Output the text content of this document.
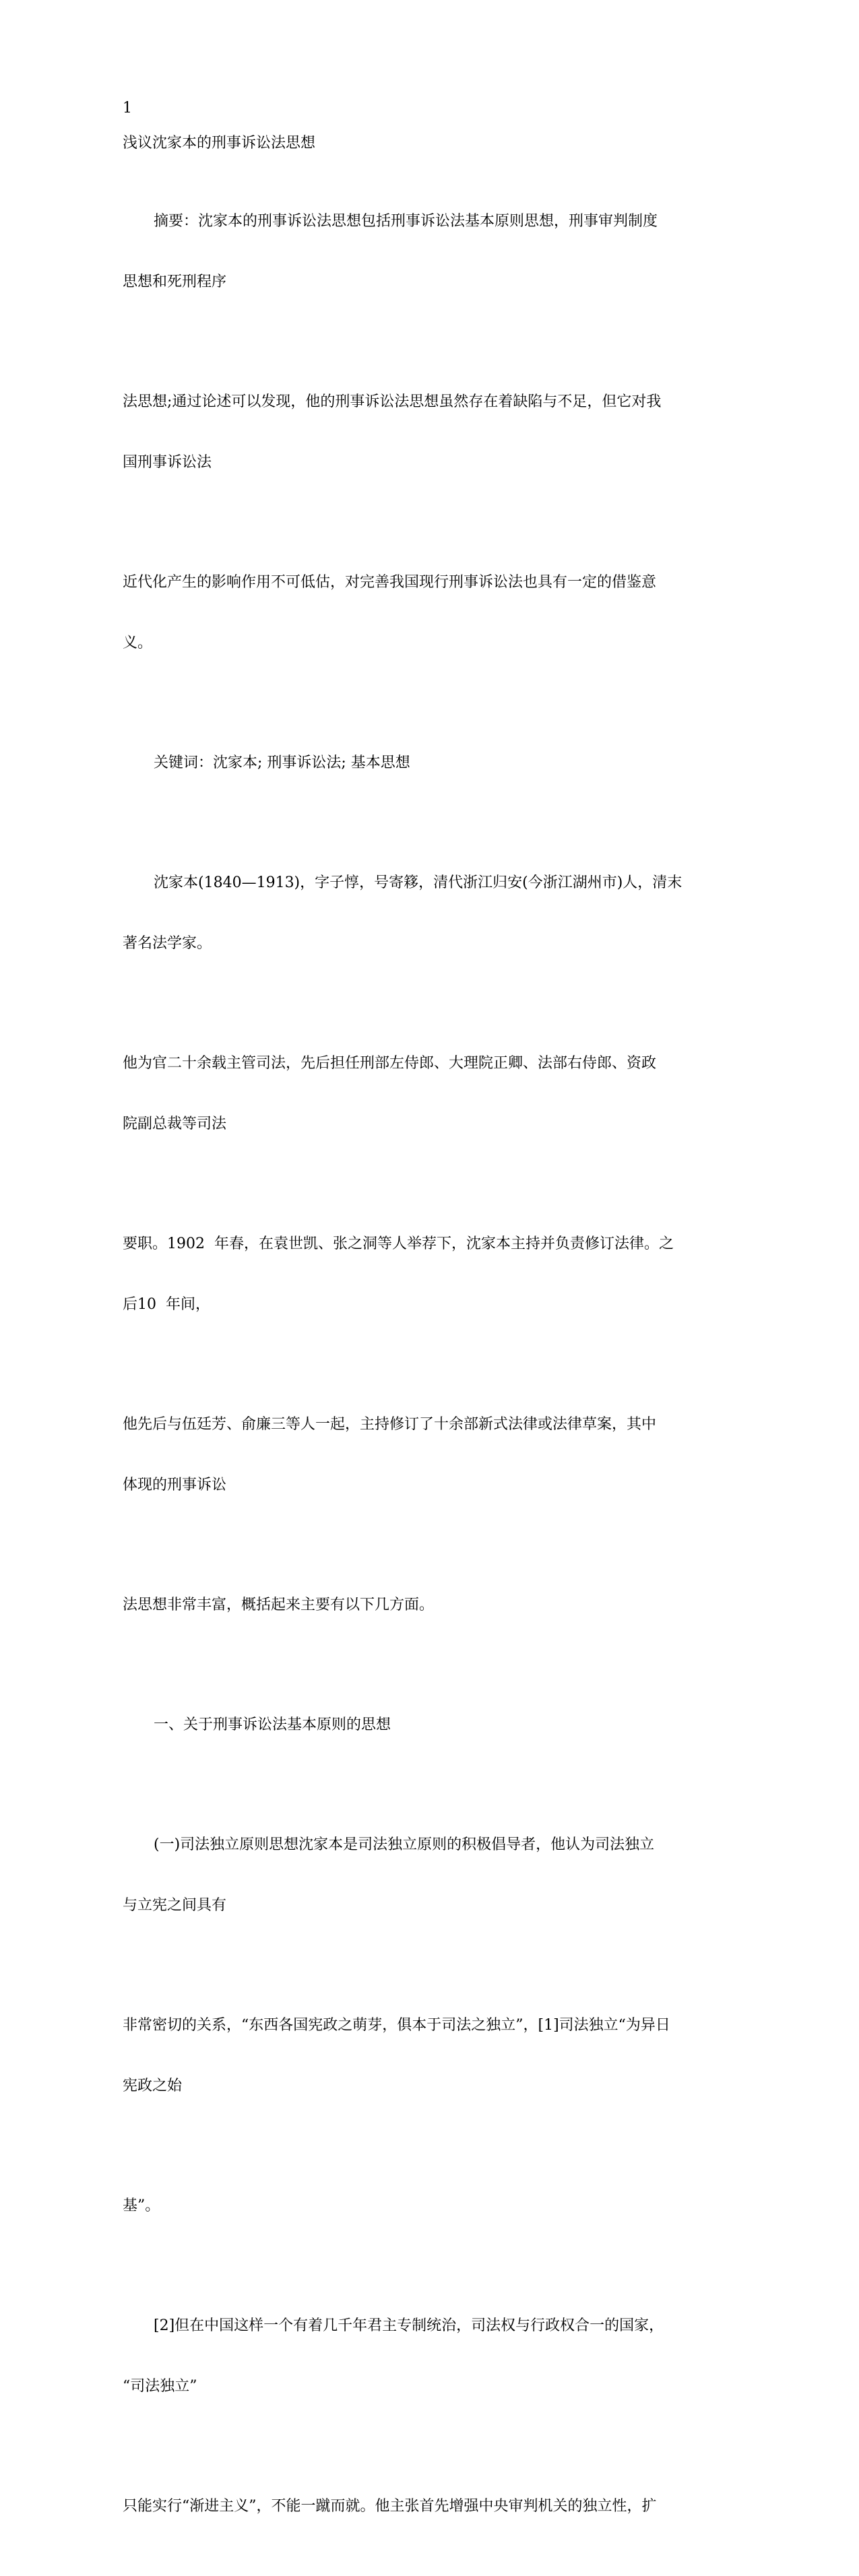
1
浅议沈家本的刑事诉讼法思想

摘要：沈家本的刑事诉讼法思想包括刑事诉讼法基本原则思想，刑事审判制度

思想和死刑程序

法思想;通过论述可以发现，他的刑事诉讼法思想虽然存在着缺陷与不足，但它对我

国刑事诉讼法

近代化产生的影响作用不可低估，对完善我国现行刑事诉讼法也具有一定的借鉴意

义。

关键词：沈家本; 刑事诉讼法; 基本思想

沈家本(1840—1913)，字子惇，号寄簃，清代浙江归安(今浙江湖州市)人，清末

著名法学家。

他为官二十余载主管司法，先后担任刑部左侍郎、大理院正卿、法部右侍郎、资政

院副总裁等司法

要职。1902  年春，在袁世凯、张之洞等人举荐下，沈家本主持并负责修订法律。之

后10  年间，

他先后与伍廷芳、俞廉三等人一起，主持修订了十余部新式法律或法律草案，其中

体现的刑事诉讼

法思想非常丰富，概括起来主要有以下几方面。

一、关于刑事诉讼法基本原则的思想

(一)司法独立原则思想沈家本是司法独立原则的积极倡导者，他认为司法独立

与立宪之间具有

非常密切的关系，“东西各国宪政之萌芽，俱本于司法之独立”，[1]司法独立“为异日

宪政之始

基”。

[2]但在中国这样一个有着几千年君主专制统治，司法权与行政权合一的国家，

“司法独立”

只能实行“渐进主义”，不能一蹴而就。他主张首先增强中央审判机关的独立性，扩
